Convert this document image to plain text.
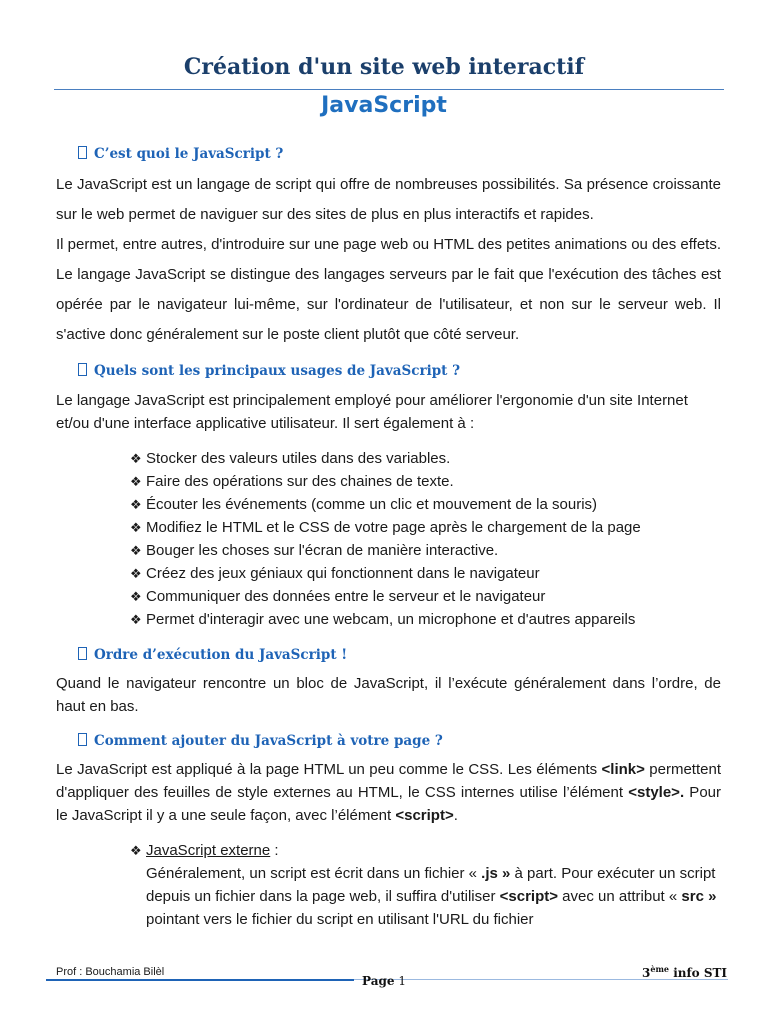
Création d'un site web interactif
JavaScript
C’est quoi le JavaScript ?

Le JavaScript est un langage de script qui offre de nombreuses possibilités. Sa présence croissante sur le web permet de naviguer sur des sites de plus en plus interactifs et rapides.

Il permet, entre autres, d'introduire sur une page web ou HTML des petites animations ou des effets. Le langage JavaScript se distingue des langages serveurs par le fait que l'exécution des tâches est opérée par le navigateur lui-même, sur l'ordinateur de l'utilisateur, et non sur le serveur web. Il s'active donc généralement sur le poste client plutôt que côté serveur.

Quels sont les principaux usages de JavaScript ?

Le langage JavaScript est principalement employé pour améliorer l'ergonomie d'un site Internet et/ou d'une interface applicative utilisateur. Il sert également à :

❖ Stocker des valeurs utiles dans des variables.
❖ Faire des opérations sur des chaines de texte.
❖ Écouter les événements (comme un clic et mouvement de la souris)
❖ Modifiez le HTML et le CSS de votre page après le chargement de la page
❖ Bouger les choses sur l'écran de manière interactive.
❖ Créez des jeux géniaux qui fonctionnent dans le navigateur
❖ Communiquer des données entre le serveur et le navigateur
❖ Permet d'interagir avec une webcam, un microphone et d'autres appareils
Ordre d’exécution du JavaScript !

Quand le navigateur rencontre un bloc de JavaScript, il l’exécute généralement dans l’ordre, de haut en bas.

Comment ajouter du JavaScript à votre page ?

Le JavaScript est appliqué à la page HTML un peu comme le CSS. Les éléments <link> permettent d'appliquer des feuilles de style externes au HTML, le CSS internes utilise l’élément <style>. Pour le JavaScript il y a une seule façon, avec l’élément <script>.

❖ JavaScript externe :
Généralement, un script est écrit dans un fichier « .js » à part. Pour exécuter un script depuis un fichier dans la page web, il suffira d'utiliser <script> avec un attribut « src » pointant vers le fichier du script en utilisant l'URL du fichier
Prof : Bouchamia Bilèl
Page 1
3ème info STI
